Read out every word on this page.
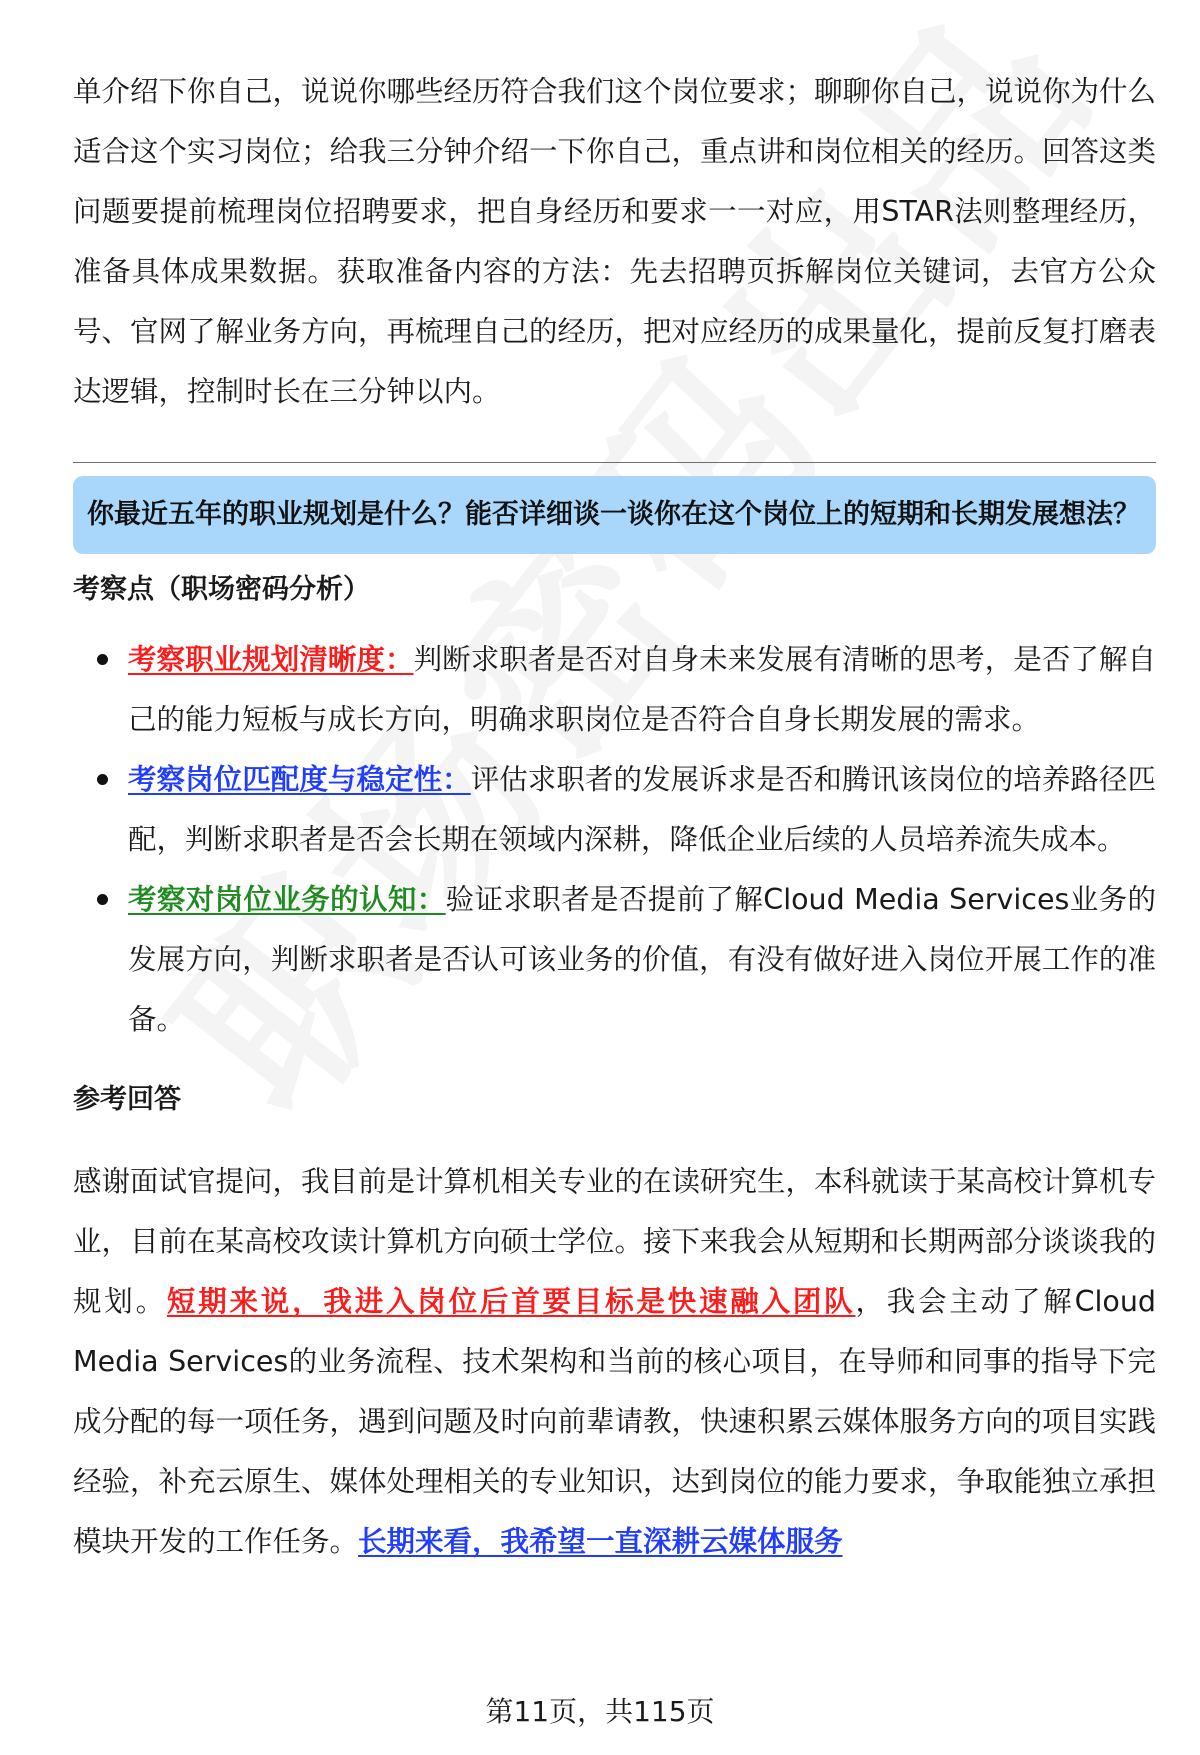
单介绍下你自己，说说你哪些经历符合我们这个岗位要求；聊聊你自己，说说你为什么适合这个实习岗位；给我三分钟介绍一下你自己，重点讲和岗位相关的经历。回答这类问题要提前梳理岗位招聘要求，把自身经历和要求一一对应，用STAR法则整理经历，准备具体成果数据。获取准备内容的方法：先去招聘页拆解岗位关键词，去官方公众号、官网了解业务方向，再梳理自己的经历，把对应经历的成果量化，提前反复打磨表达逻辑，控制时长在三分钟以内。

你最近五年的职业规划是什么？能否详细谈一谈你在这个岗位上的短期和长期发展想法？
考察点（职场密码分析）
考察职业规划清晰度：判断求职者是否对自身未来发展有清晰的思考，是否了解自己的能力短板与成长方向，明确求职岗位是否符合自身长期发展的需求。
考察岗位匹配度与稳定性：评估求职者的发展诉求是否和腾讯该岗位的培养路径匹配，判断求职者是否会长期在领域内深耕，降低企业后续的人员培养流失成本。
考察对岗位业务的认知：验证求职者是否提前了解Cloud Media Services业务的发展方向，判断求职者是否认可该业务的价值，有没有做好进入岗位开展工作的准备。
参考回答

感谢面试官提问，我目前是计算机相关专业的在读研究生，本科就读于某高校计算机专业，目前在某高校攻读计算机方向硕士学位。接下来我会从短期和长期两部分谈谈我的规划。短期来说，我进入岗位后首要目标是快速融入团队，我会主动了解Cloud Media Services的业务流程、技术架构和当前的核心项目，在导师和同事的指导下完成分配的每一项任务，遇到问题及时向前辈请教，快速积累云媒体服务方向的项目实践经验，补充云原生、媒体处理相关的专业知识，达到岗位的能力要求，争取能独立承担模块开发的工作任务。长期来看，我希望一直深耕云媒体服务

第11页，共115页
